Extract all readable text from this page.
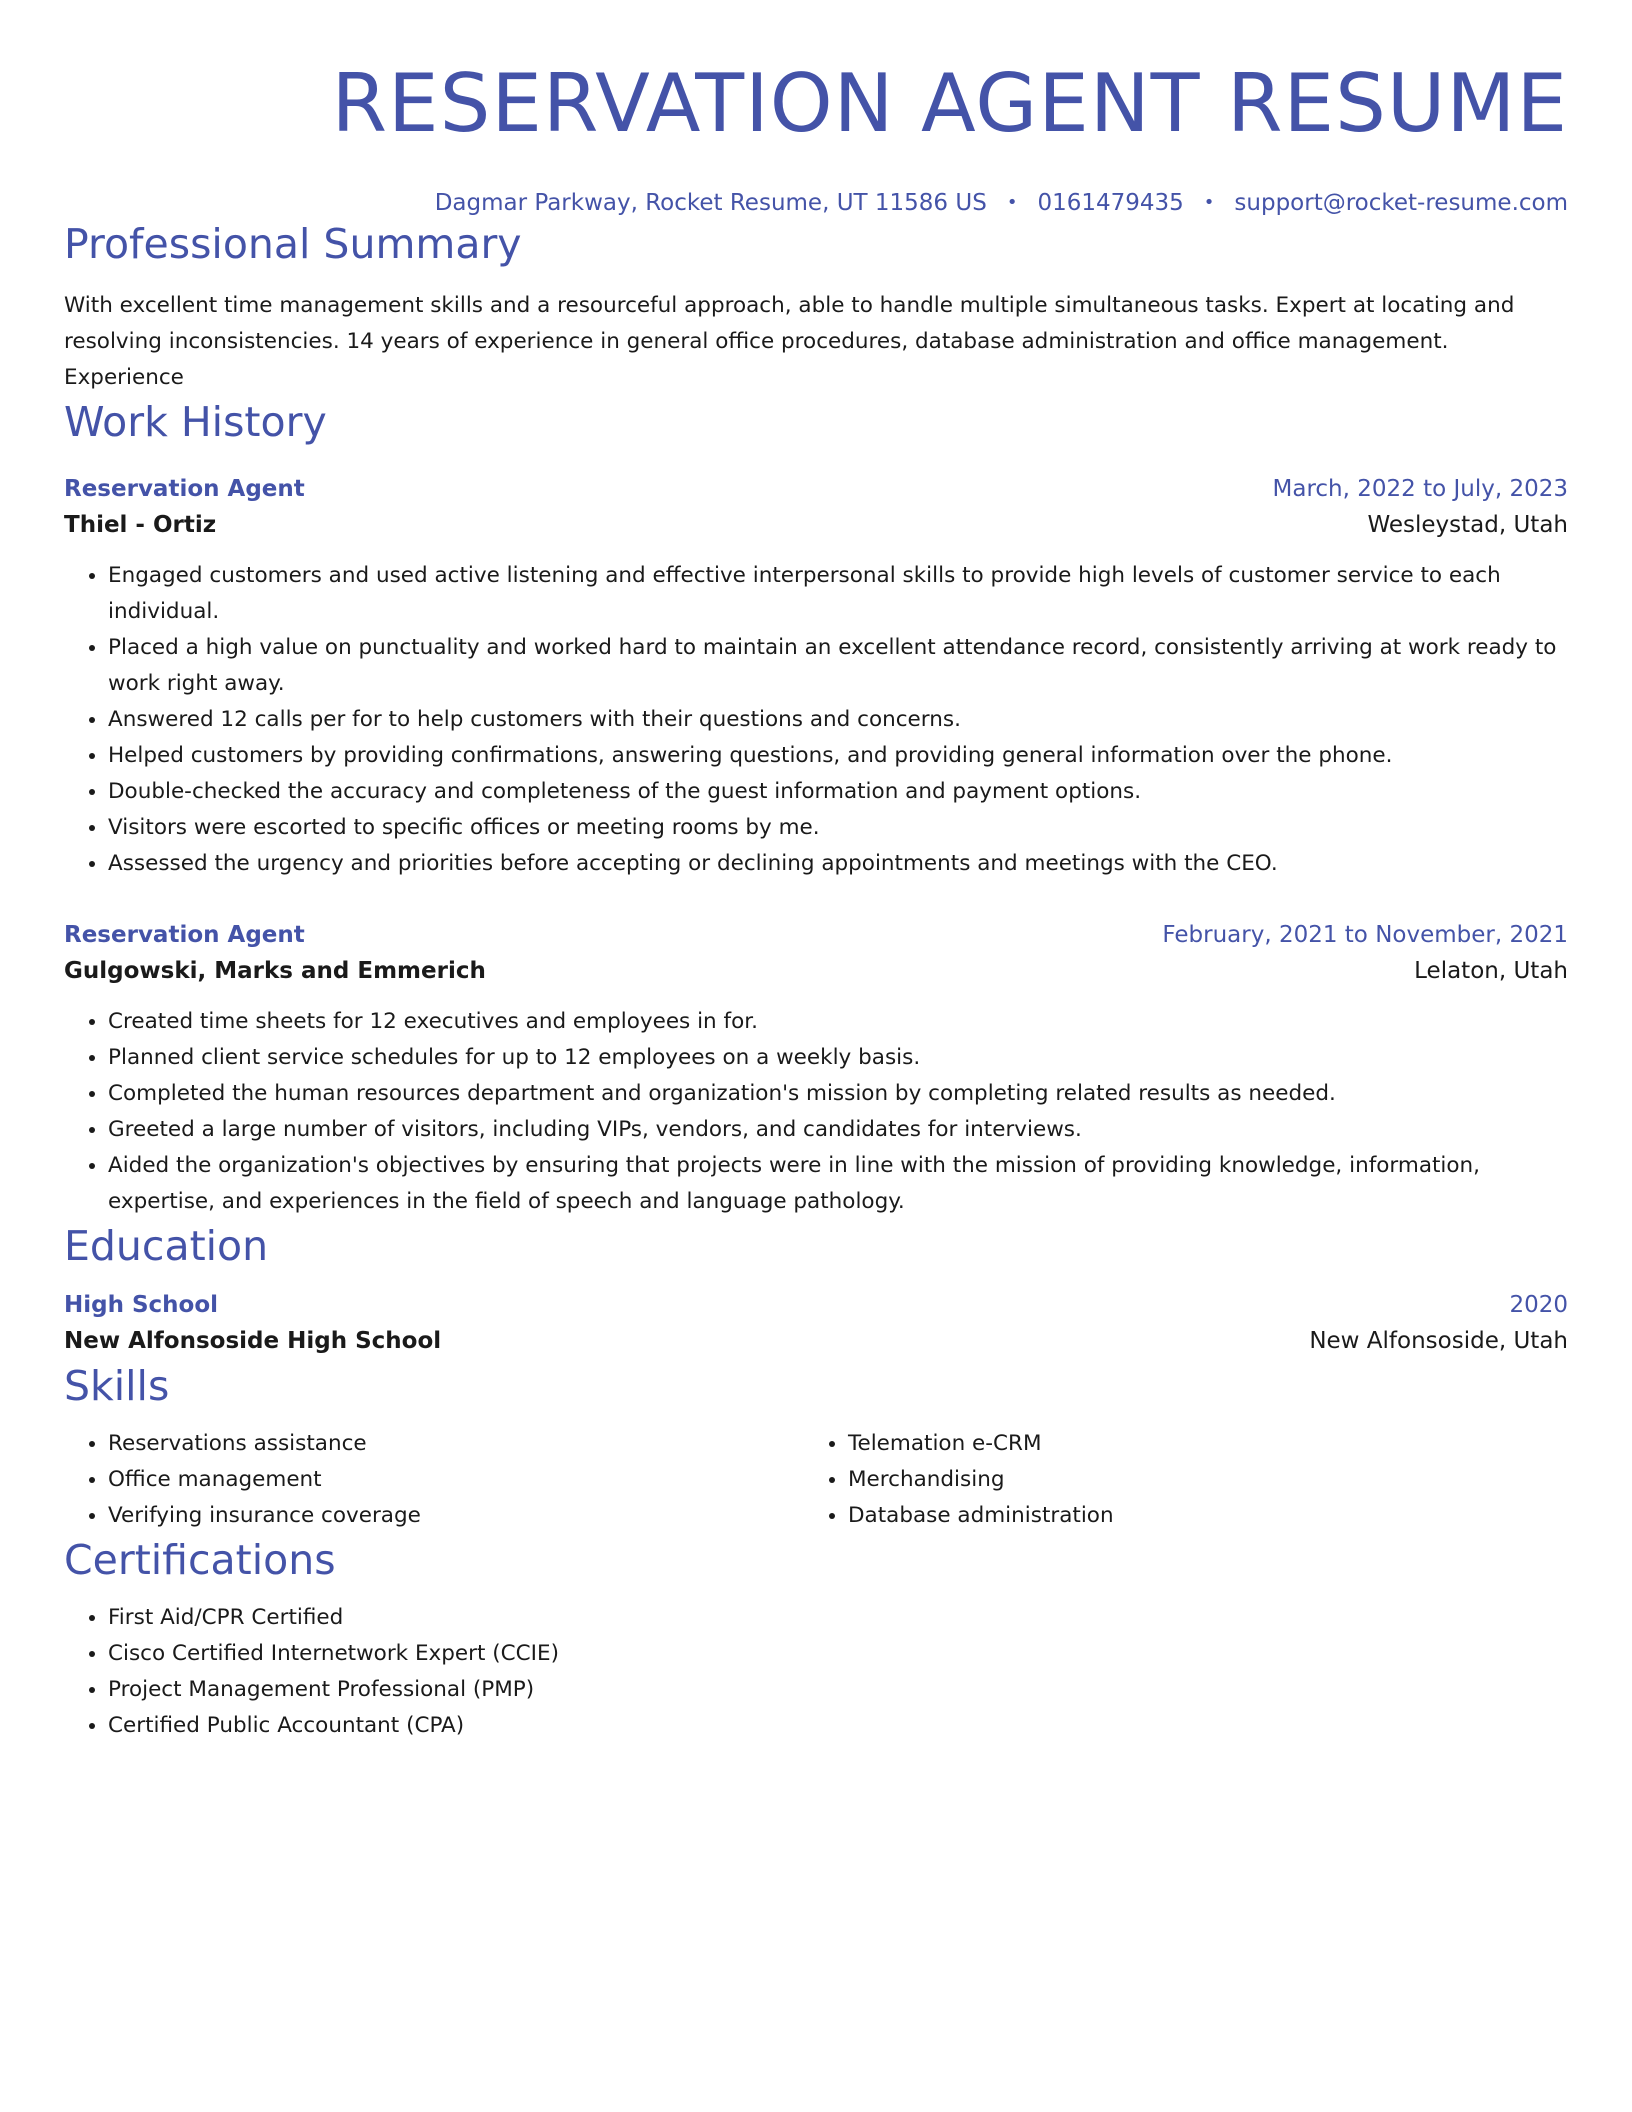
RESERVATION AGENT RESUME
Dagmar Parkway, Rocket Resume, UT 11586 US • 0161479435 • support@rocket-resume.com
Professional Summary
With excellent time management skills and a resourceful approach, able to handle multiple simultaneous tasks. Expert at locating and resolving inconsistencies. 14 years of experience in general office procedures, database administration and office management. Experience
Work History
Reservation Agent	March, 2022 to July, 2023
Thiel - Ortiz	Wesleystad, Utah
• Engaged customers and used active listening and effective interpersonal skills to provide high levels of customer service to each individual.
• Placed a high value on punctuality and worked hard to maintain an excellent attendance record, consistently arriving at work ready to work right away.
• Answered 12 calls per for to help customers with their questions and concerns.
• Helped customers by providing confirmations, answering questions, and providing general information over the phone.
• Double-checked the accuracy and completeness of the guest information and payment options.
• Visitors were escorted to specific offices or meeting rooms by me.
• Assessed the urgency and priorities before accepting or declining appointments and meetings with the CEO.
Reservation Agent	February, 2021 to November, 2021
Gulgowski, Marks and Emmerich	Lelaton, Utah
• Created time sheets for 12 executives and employees in for.
• Planned client service schedules for up to 12 employees on a weekly basis.
• Completed the human resources department and organization's mission by completing related results as needed.
• Greeted a large number of visitors, including VIPs, vendors, and candidates for interviews.
• Aided the organization's objectives by ensuring that projects were in line with the mission of providing knowledge, information, expertise, and experiences in the field of speech and language pathology.
Education
High School	2020
New Alfonsoside High School	New Alfonsoside, Utah
Skills
• Reservations assistance
• Office management
• Verifying insurance coverage
• Telemation e-CRM
• Merchandising
• Database administration
Certifications
• First Aid/CPR Certified
• Cisco Certified Internetwork Expert (CCIE)
• Project Management Professional (PMP)
• Certified Public Accountant (CPA)
